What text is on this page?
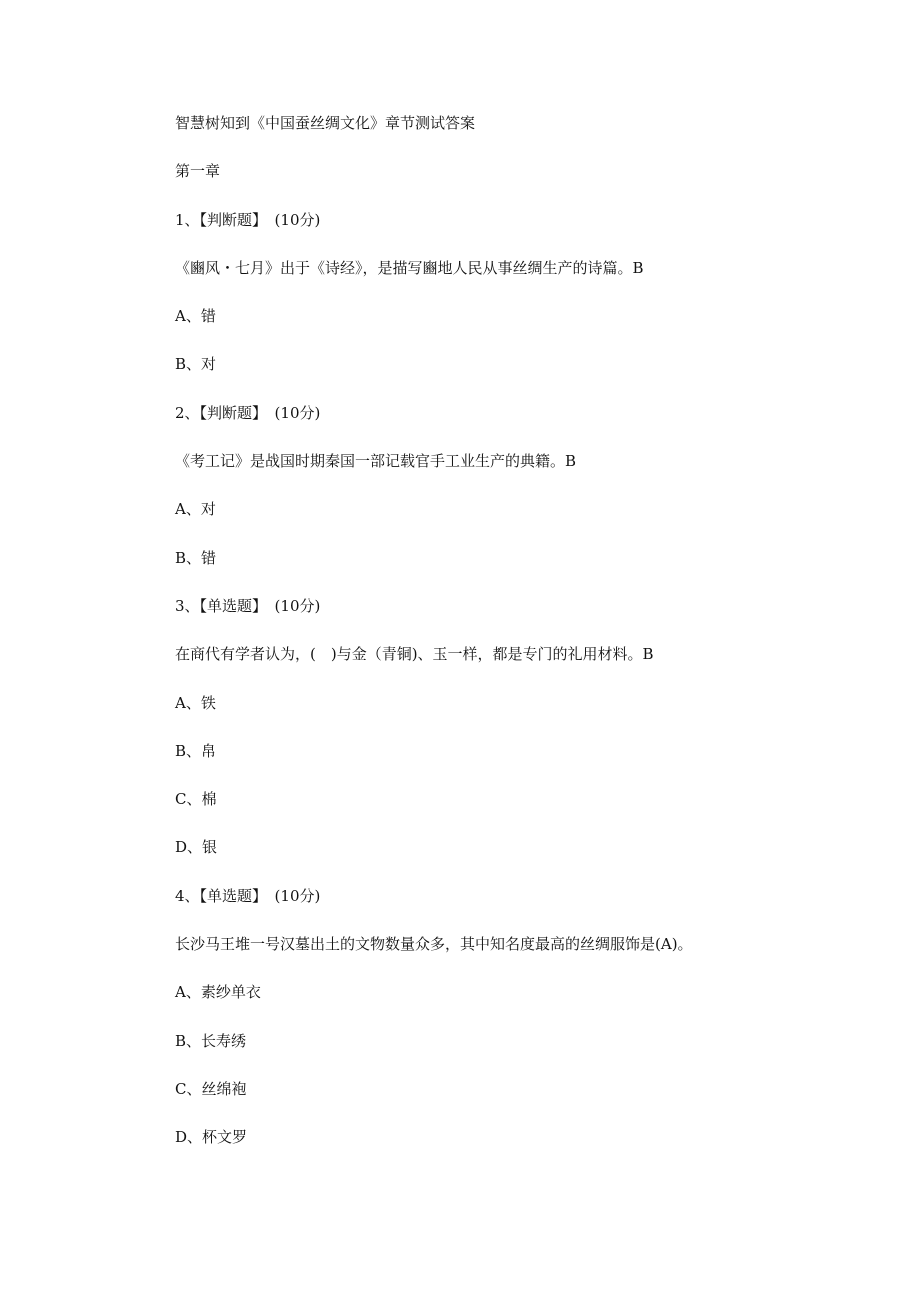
智慧树知到《中国蚕丝绸文化》章节测试答案
第一章
1、【判断题】　(10分)
《豳风・七月》出于《诗经》，是描写豳地人民从事丝绸生产的诗篇。B
A、错
B、对
2、【判断题】　(10分)
《考工记》是战国时期秦国一部记载官手工业生产的典籍。B
A、对
B、错
3、【单选题】　(10分)
在商代有学者认为，(　)与金（青铜)、玉一样，都是专门的礼用材料。B
A、铁
B、帛
C、棉
D、银
4、【单选题】　(10分)
长沙马王堆一号汉墓出土的文物数量众多，其中知名度最高的丝绸服饰是(A)。
A、素纱单衣
B、长寿绣
C、丝绵袍
D、杯文罗
